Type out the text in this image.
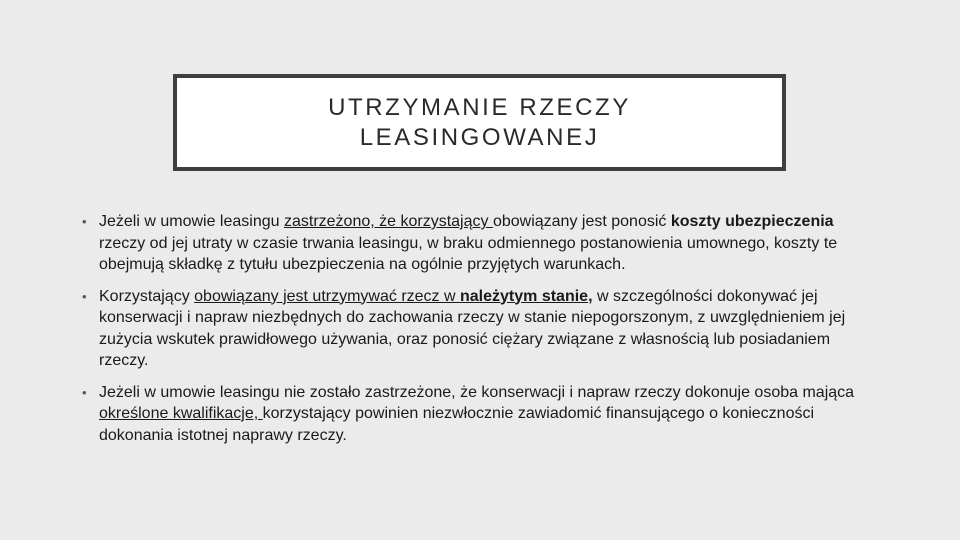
UTRZYMANIE RZECZY
LEASINGOWANEJ
• Jeżeli w umowie leasingu zastrzeżono, że korzystający obowiązany jest ponosić koszty ubezpieczenia rzeczy od jej utraty w czasie trwania leasingu, w braku odmiennego postanowienia umownego, koszty te obejmują składkę z tytułu ubezpieczenia na ogólnie przyjętych warunkach.
• Korzystający obowiązany jest utrzymywać rzecz w należytym stanie, w szczególności dokonywać jej konserwacji i napraw niezbędnych do zachowania rzeczy w stanie niepogorszonym, z uwzględnieniem jej zużycia wskutek prawidłowego używania, oraz ponosić ciężary związane z własnością lub posiadaniem rzeczy.
• Jeżeli w umowie leasingu nie zostało zastrzeżone, że konserwacji i napraw rzeczy dokonuje osoba mająca określone kwalifikacje, korzystający powinien niezwłocznie zawiadomić finansującego o konieczności dokonania istotnej naprawy rzeczy.
